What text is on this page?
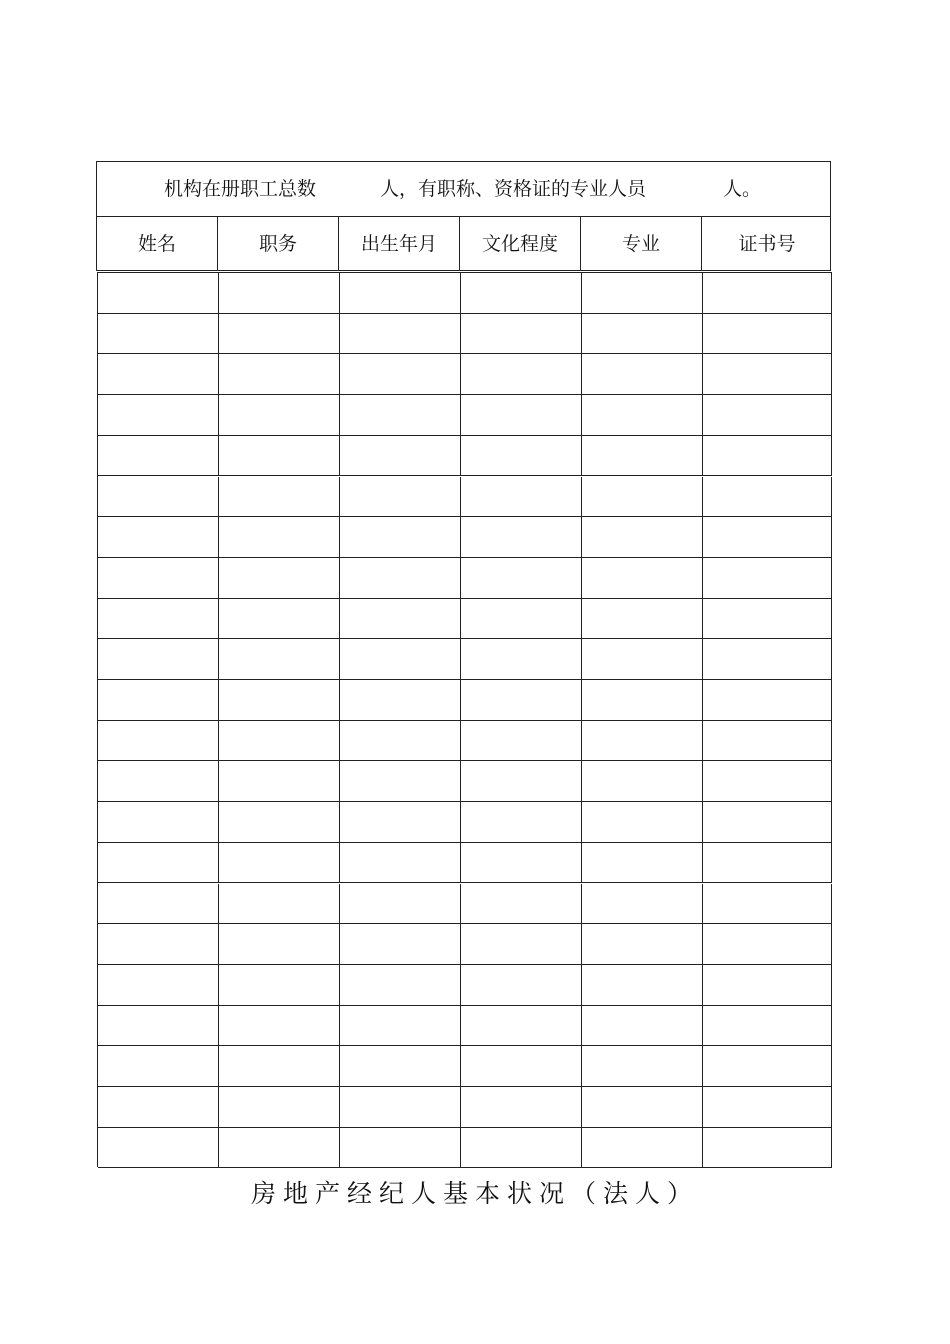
机构在册职工总数	人，有职称、资格证的专业人员	人。
姓名	职务	出生年月	文化程度	专业	证书号
房地产经纪人基本状况（法人）
